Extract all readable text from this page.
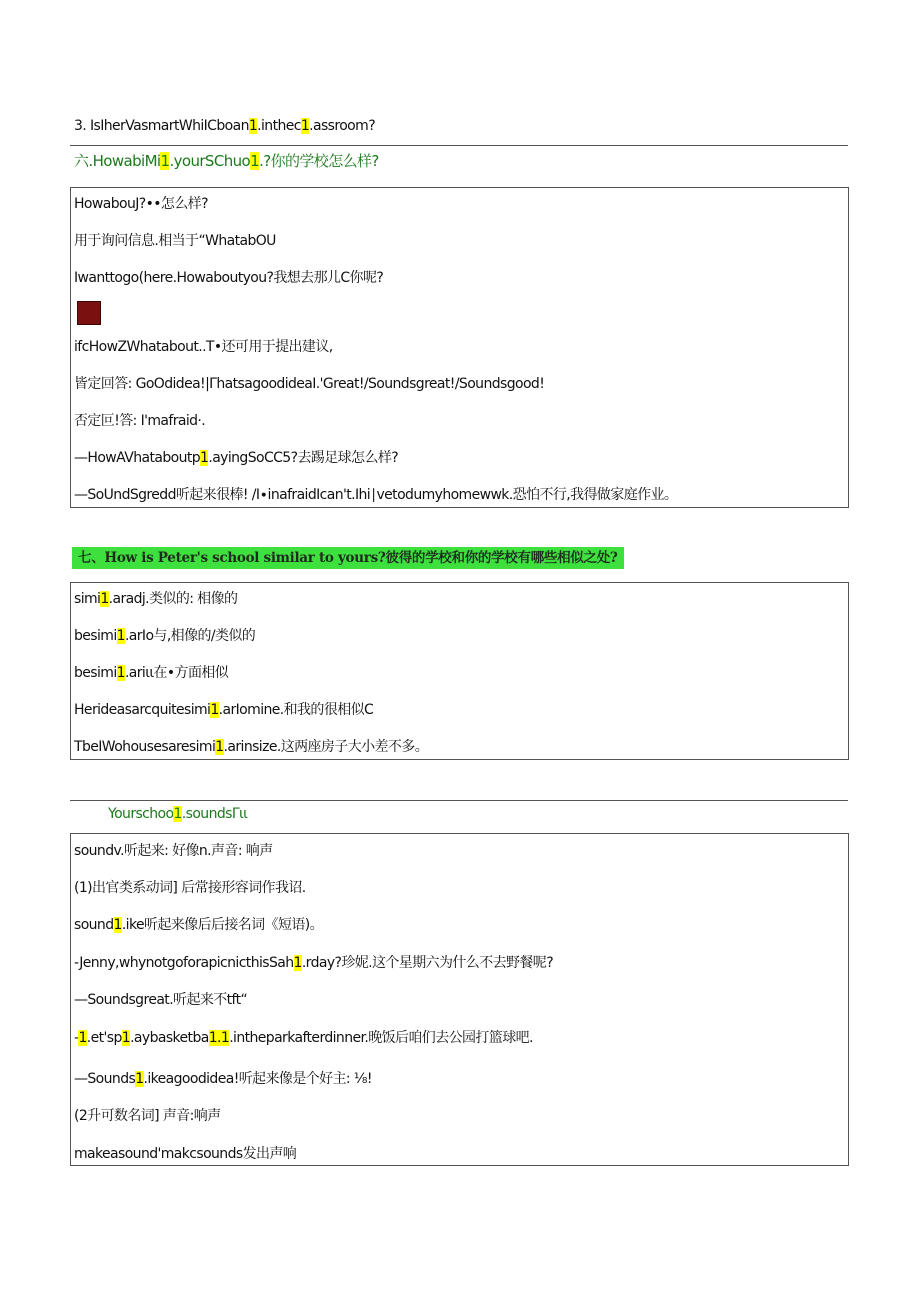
3. IsIherVasmartWhiICboan1.inthec1.assroom?
六.HowabiMi1.yourSChuo1.?你的学校怎么样?
HowabouJ?••怎么样?
用于询问信息.相当于“WhatabOU
Iwanttogo(here.Howaboutyou?我想去那儿C你呢?
ifcHowZWhatabout..T•还可用于提出建议,
皆定回答: GoOdidea!|ΓhatsagoodideaI.'Great!/Soundsgreat!/Soundsgood!
否定叵!答: I'mafraid·.
—HowAVhataboutp1.ayingSoCC5?去踢足球怎么样?
—SoUndSgredd听起来很棒! /I∙inafraidIcan't.Ihi∣vetodumyhomewwk.恐怕不行,我得做家庭作业。
七、How is Peter's school similar to yours?彼得的学校和你的学校有哪些相似之处?
simi1.aradj.类似的: 相像的
besimi1.arIo与,相像的/类似的
besimi1.ariιι在•方面相似
Herideasarcquitesimi1.arIomine.和我的很相似C
TbeIWohousesaresimi1.arinsize.这两座房子大小差不多。
Yourschoo1.soundsΓιι
soundv.听起来: 好像n.声音: 响声
(1)出官类系动词] 后常接形容词作我诏.
sound1.ike听起来像后后接名词《短语)。
-Jenny,whynotgoforapicnicthisSah1.rday?珍妮.这个星期六为什么不去野餐呢?
—Soundsgreat.听起来不tft“
-1.et'sp1.aybasketba1.1.intheparkafterdinner.晚饭后咱们去公园打篮球吧.
—Sounds1.ikeagoodidea!听起来像是个好主: ⅛!
(2升可数名词] 声音:响声
makeasound'makcsounds发出声响
